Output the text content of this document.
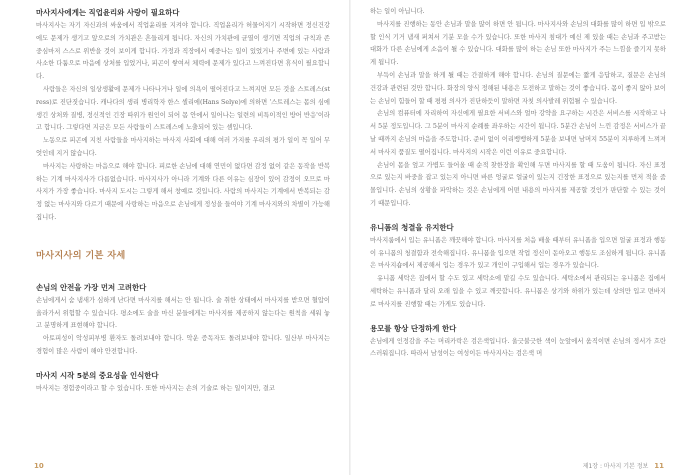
마사지사에게는 직업윤리와 사랑이 필요하다

마사지사는 자기 자신과의 싸움에서 직업윤리를 지켜야 합니다. 직업윤리가 허물어지기 시작하면 정신건강에도 문제가 생기고 앞으로의 가치관은 흔들리게 됩니다. 자신의 가치관에 균열이 생기면 직업의 규칙과 존중심마저 스스로 위반을 것이 보이게 합니다. 가정과 직장에서 예중나는 일이 있었거나 주변에 있는 사람과 사소한 다툼으로 마음에 상처를 입었거나, 피곤이 쌓여서 체력에 문제가 있다고 느껴진다면 휴식이 필요합니다.

사람들은 자신의 일상생활에 문제가 나타나거나 일에 의욕이 떨어진다고 느껴지면 모든 것을 스트레스(stress)로 진단짓습니다. 캐나다의 생리 병리학자 한스 셀리에(Hans Selye)에 의하면 '스트레스는 몸의 심에 생긴 상처와 질병, 정신적인 긴장 따위가 원인이 되어 몸 안에서 일어나는 일련의 비특이적인 방어 반응'이라고 합니다. 그렇다면 지금은 모든 사람들이 스트레스에 노출되어 있는 셈입니다.

노동으로 피곤에 지친 사람들을 마사지하는 마사지 사회에 대해 여러 가지를 우리의 평가 일이 꼭 일어 무엇인데 지거 않습니다.

마사지는 사랑하는 마음으로 해야 합니다. 피로한 손님에 대해 연민이 없다면 감정 없이 같은 동작을 반복하는 기계 마사지사가 다름없습니다. 마사지사가 아니라 기계와 다른 이유는 심장이 있어 감정이 오므로 마사지가 가장 좋습니다. 마사지 도시는 그렇게 해서 창예로 것입니다. 사람의 마사지는 기계에서 반복되는 감정 없는 마사지와 다르기 때문에 사랑하는 마음으로 손님에게 정성을 들여야 기계 마사지와의 차별이 가능해집니다.

마사지사의 기본 자세

손님의 안전을 가장 먼저 고려한다

손님에게서 숨 냄새가 심하게 난다면 마사지를 해서는 안 됩니다. 술 취한 상태에서 마사지를 받으면 혈압이 올라가서 위험할 수 있습니다. 평소에도 술을 마신 분들에게는 마사지를 제공하지 않는다는 원칙을 세워 놓고 분명하게 표현해야 합니다.

아토피성이 악성피부병 환자도 돌려보내야 합니다. 악운 증독자도 돌려보내야 합니다. 일산부 마사지는 경험이 많은 사람이 해야 안전합니다.

마사지 시작 5분의 중요성을 인식한다

마사지는 경험중이라고 할 수 있습니다. 또한 마사지는 손의 기술로 하는 일이지만, 결코

하는 일이 아닙니다.

마사지를 진행하는 동안 손님과 말을 많이 하면 안 됩니다. 마사지사와 손님의 대화를 많이 하면 입 밖으로 할 인식 기거 냄새 퍼쳐서 기분 모을 수가 있습니다. 또한 마사지 침대가 예신 제 있을 때는 손님과 주고받는 대화가 다른 손님에게 소음이 될 수 있습니다. 대화를 많이 하는 손님 또한 마사지가 주는 느낌을 즐기지 못하게 됩니다.

부득이 손님과 말을 하게 될 때는 간결하게 해야 합니다. 손님의 질문에는 짧게 응답하고, 질문은 손님의 건강과 관련된 것만 합니다. 화장의 양식 정해된 내용은 도전하고 말하는 것이 좋습니다. 몸이 좋지 않아 보이는 손님이 힘들어 할 때 평평 의사가 진단하듯이 말하면 자칫 의사발레 위험될 수 있습니다.

손님의 컴퓨터에 자리하여 자신에게 필요한 서비스와 얼마 강약을 요구하는 시간은 서비스를 시작하고 나서 5분 정도입니다. 그 5분이 마사지 순례를 좌우하는 시간이 됩니다. 5분간 손님이 느낀 감정은 서비스가 끝날 때까지 손님의 마음을 주도합니다. 준비 없이 이리뱅뱅하게 5분을 보내면 남머지 55분이 지루하게 느껴져서 마사지 품질도 떨어집니다. 마사지의 시작은 이런 이유로 중요합니다.

손님이 몸을 엎고 가볍도 들어올 때 순적 찾한장을 확인해 두면 마사지를 할 때 도움이 됩니다. 자신 표정으로 있는지 바중을 잡고 있는지 아니면 바른 엉굴로 얼굴이 있는지 긴장한 표정으로 있는지를 먼저 적을 줌몰입니다. 손님의 상황을 파악하는 것은 손님에게 어떤 내용의 마사지를 제공할 것인가 판단할 수 있는 것이기 때문입니다.

유니폼의 청결을 유지한다

마사지룸에서 입는 유니폼은 깨끗해야 합니다. 마사지를 처음 배울 때부터 유니폼을 입으면 얼굴 표정과 행동이 유니폼의 청결함과 전숙해집니다. 유니폼을 입으면 작업 정신이 돋아오고 행동도 조심하게 됩니다. 유니폼은 마사지숍에서 제공해서 입는 경우가 있고 개인이 구입해서 입는 경우가 있습니다.

유니폼 세탁은 집에서 할 수도 있고 세탁소에 맡길 수도 있습니다. 세탁소에서 관리되는 유니폼은 집에서 세탁하는 유니폼과 달리 오래 입을 수 있고 깨끗합니다. 유니폼은 상기와 하위가 있는데 상의만 입고 면바지로 마사지를 진행할 때는 가게도 있습니다.

용모를 항상 단정하게 한다

손님에게 인정감을 주는 머리카락은 검은색입니다. 울긋불긋한 색이 눈앞에서 움직이면 손님의 정서가 흐란스러워집니다. 따라서 남성이는 여성이든 마사지사는 검은색 머

10	제1장 : 마사지 기본 정보 11
